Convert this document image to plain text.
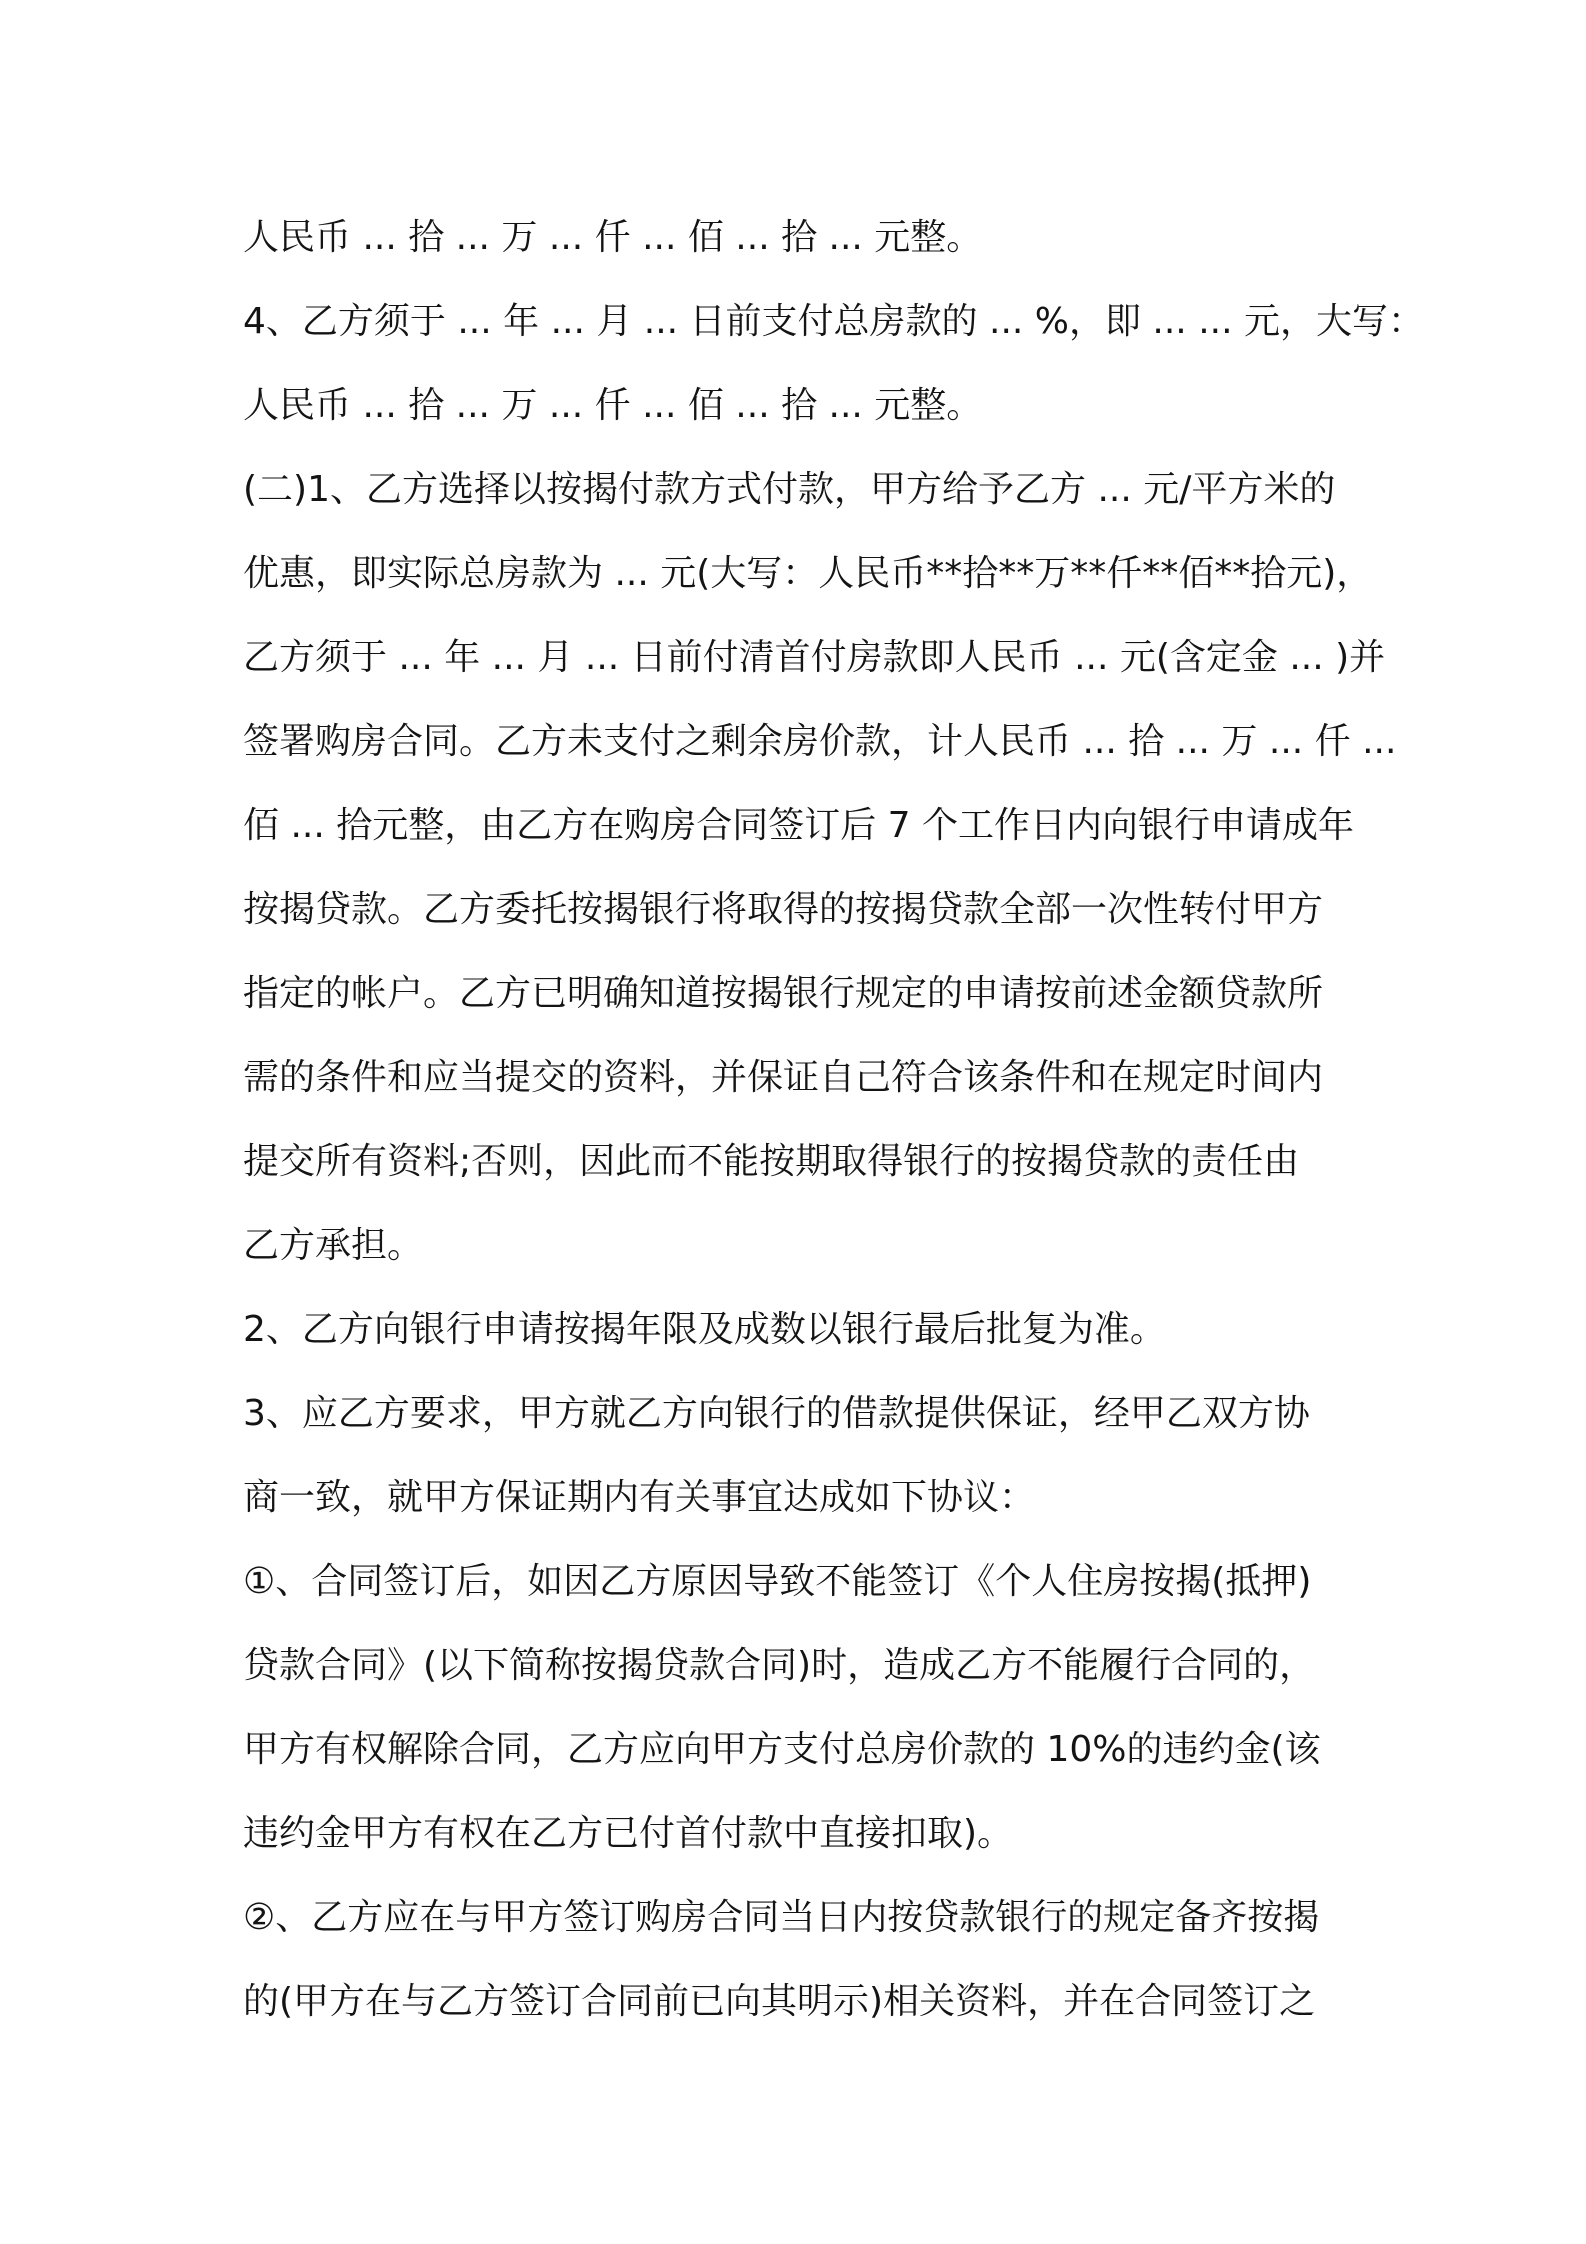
人民币 ... 拾 ... 万 ... 仟 ... 佰 ... 拾 ... 元整。
4、乙方须于 ... 年 ... 月 ... 日前支付总房款的 ... %，即 ... ... 元，大写：
人民币 ... 拾 ... 万 ... 仟 ... 佰 ... 拾 ... 元整。
(二)1、乙方选择以按揭付款方式付款，甲方给予乙方 ... 元/平方米的
优惠，即实际总房款为 ... 元(大写：人民币**拾**万**仟**佰**拾元)，
乙方须于 ... 年 ... 月 ... 日前付清首付房款即人民币 ... 元(含定金 ... )并
签署购房合同。乙方未支付之剩余房价款，计人民币 ... 拾 ... 万 ... 仟 ...
佰 ... 拾元整，由乙方在购房合同签订后 7 个工作日内向银行申请成年
按揭贷款。乙方委托按揭银行将取得的按揭贷款全部一次性转付甲方
指定的帐户。乙方已明确知道按揭银行规定的申请按前述金额贷款所
需的条件和应当提交的资料，并保证自己符合该条件和在规定时间内
提交所有资料;否则，因此而不能按期取得银行的按揭贷款的责任由
乙方承担。
2、乙方向银行申请按揭年限及成数以银行最后批复为准。
3、应乙方要求，甲方就乙方向银行的借款提供保证，经甲乙双方协
商一致，就甲方保证期内有关事宜达成如下协议：
①、合同签订后，如因乙方原因导致不能签订《个人住房按揭(抵押)
贷款合同》(以下简称按揭贷款合同)时，造成乙方不能履行合同的，
甲方有权解除合同，乙方应向甲方支付总房价款的 10%的违约金(该
违约金甲方有权在乙方已付首付款中直接扣取)。
②、乙方应在与甲方签订购房合同当日内按贷款银行的规定备齐按揭
的(甲方在与乙方签订合同前已向其明示)相关资料，并在合同签订之
